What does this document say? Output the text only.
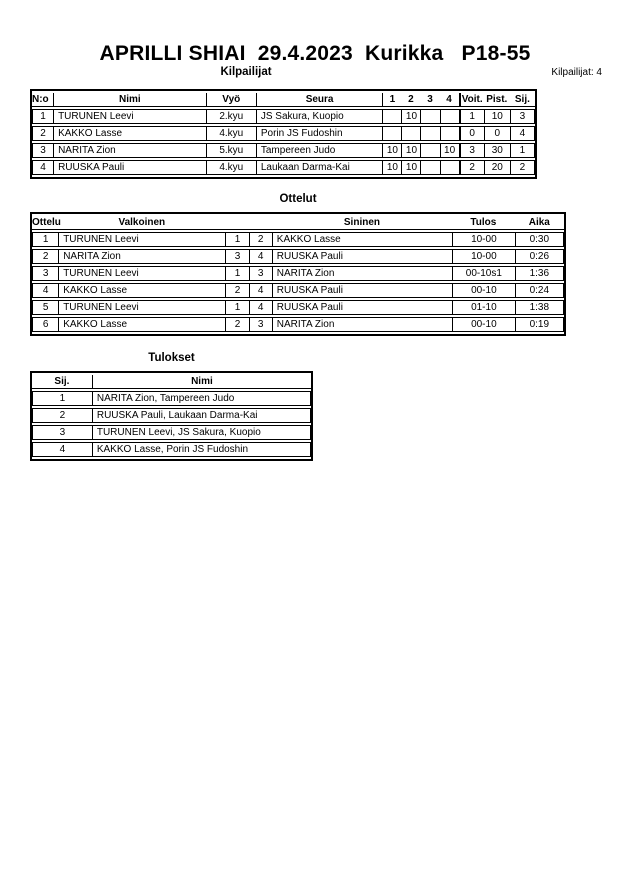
APRILLI SHIAI  29.4.2023  Kurikka   P18-55
Kilpailijat	Kilpailijat: 4
N:o	Nimi	Vyö	Seura	1	2	3	4	Voit.	Pist.	Sij.
1	TURUNEN Leevi	2.kyu	JS Sakura, Kuopio		10			1	10	3
2	KAKKO Lasse	4.kyu	Porin JS Fudoshin					0	0	4
3	NARITA Zion	5.kyu	Tampereen Judo	10	10		10	3	30	1
4	RUUSKA Pauli	4.kyu	Laukaan Darma-Kai	10	10			2	20	2
Ottelut
Ottelu	Valkoinen			Sininen	Tulos	Aika
1	TURUNEN Leevi	1	2	KAKKO Lasse	10-00	0:30
2	NARITA Zion	3	4	RUUSKA Pauli	10-00	0:26
3	TURUNEN Leevi	1	3	NARITA Zion	00-10s1	1:36
4	KAKKO Lasse	2	4	RUUSKA Pauli	00-10	0:24
5	TURUNEN Leevi	1	4	RUUSKA Pauli	01-10	1:38
6	KAKKO Lasse	2	3	NARITA Zion	00-10	0:19
Tulokset
Sij.	Nimi
1	NARITA Zion, Tampereen Judo
2	RUUSKA Pauli, Laukaan Darma-Kai
3	TURUNEN Leevi, JS Sakura, Kuopio
4	KAKKO Lasse, Porin JS Fudoshin
